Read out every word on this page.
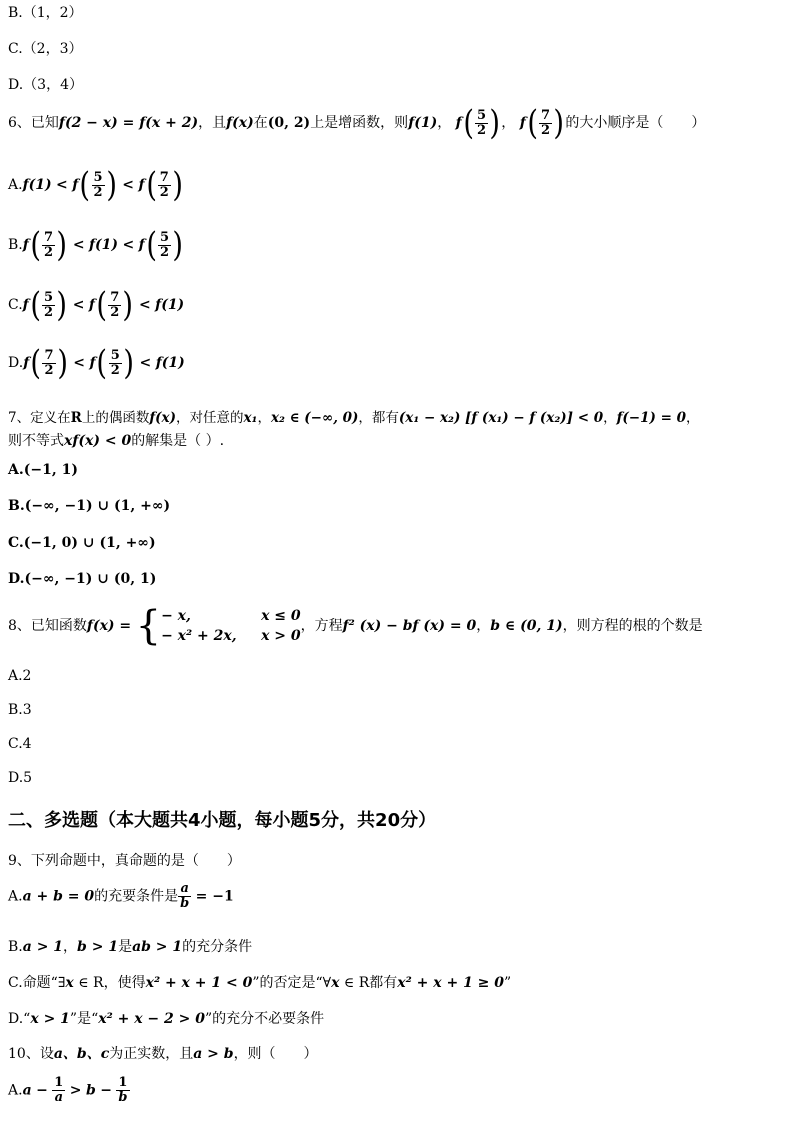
B.（1，2）
C.（2，3）
D.（3，4）
6、已知f(2 − x) = f(x + 2)，且f(x)在(0, 2)上是增函数，则f(1)， $f( \frac{5}{2}$ )， $f( \frac{7}{2}$ )的大小顺序是（　　）
$A.f(1) < f( \frac{5}{2}$ ) < $f( \frac{7}{2}$ )
$B.f( \frac{7}{2}$ ) < $f(1) < f( \frac{5}{2}$ )
$C.f( \frac{5}{2}$ ) < $f( \frac{7}{2}$ ) < f(1)
$D.f( \frac{7}{2}$ ) < $f( \frac{5}{2}$ ) < f(1)
7、定义在R上的偶函数f(x)，对任意的x₁，x₂ ∈ (−∞, 0)，都有(x₁ − x₂) [f (x₁) − f (x₂)] < 0，f(−1) = 0，
则不等式xf(x) < 0的解集是（ ）.
A.(−1, 1)
B.(−∞, −1) ∪ (1, +∞)
C.(−1, 0) ∪ (1, +∞)
D.(−∞, −1) ∪ (0, 1)
8、已知函数f(x) = {− x,	x ≤ 0
− x² + 2x, x > 0，方程f² (x) − bf (x) = 0，b ∈ (0, 1)，则方程的根的个数是
A.2
B.3
C.4
D.5
二、多选题（本大题共4小题，每小题5分，共20分）
9、下列命题中，真命题的是（　　）
A.a + b = 0的充要条件是 $\frac{a}{b} = -1$
B.a > 1，b > 1是ab > 1的充分条件
C.命题“∃x ∈ R，使得x² + x + 1 < 0”的否定是“∀x ∈ R都有x² + x + 1 ≥ 0”
D.“x > 1”是“x² + x − 2 > 0”的充分不必要条件
10、设a、b、c为正实数，且a > b，则（　　）
$A.a - \frac{1}{a} > b - \frac{1}{b}$
